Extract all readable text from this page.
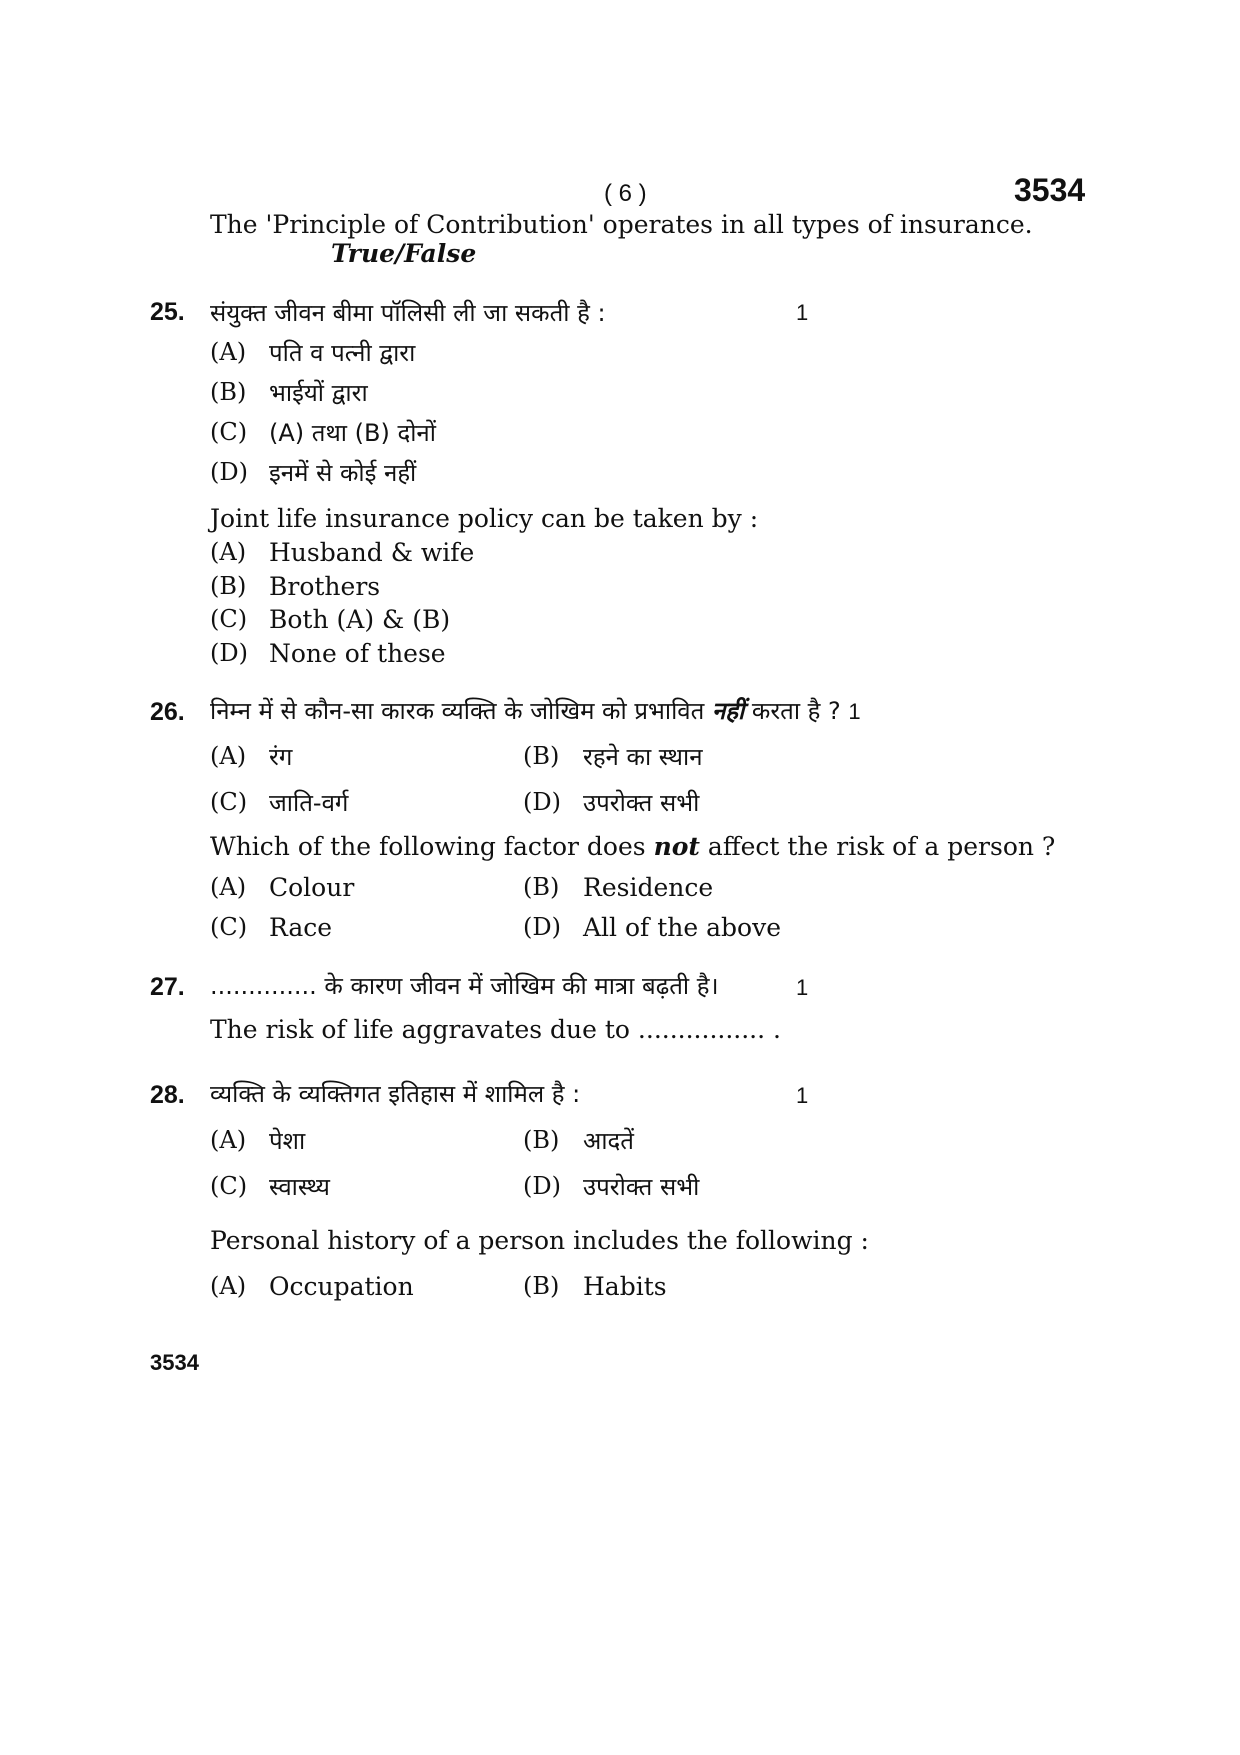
( 6 )	3534
The 'Principle of Contribution' operates in all types of insurance.
True/False
25. संयुक्त जीवन बीमा पॉलिसी ली जा सकती है :	1
(A) पति व पत्नी द्वारा
(B) भाईयों द्वारा
(C) (A) तथा (B) दोनों
(D) इनमें से कोई नहीं
Joint life insurance policy can be taken by :
(A) Husband & wife
(B) Brothers
(C) Both (A) & (B)
(D) None of these
26. निम्न में से कौन-सा कारक व्यक्ति के जोखिम को प्रभावित नहीं करता है ? 1
(A) रंग	(B) रहने का स्थान
(C) जाति-वर्ग	(D) उपरोक्त सभी
Which of the following factor does not affect the risk of a person ?
(A) Colour	(B) Residence
(C) Race	(D) All of the above
27. .............. के कारण जीवन में जोखिम की मात्रा बढ़ती है।	1
The risk of life aggravates due to ................ .
28. व्यक्ति के व्यक्तिगत इतिहास में शामिल है :	1
(A) पेशा	(B) आदतें
(C) स्वास्थ्य	(D) उपरोक्त सभी
Personal history of a person includes the following :
(A) Occupation	(B) Habits
3534
